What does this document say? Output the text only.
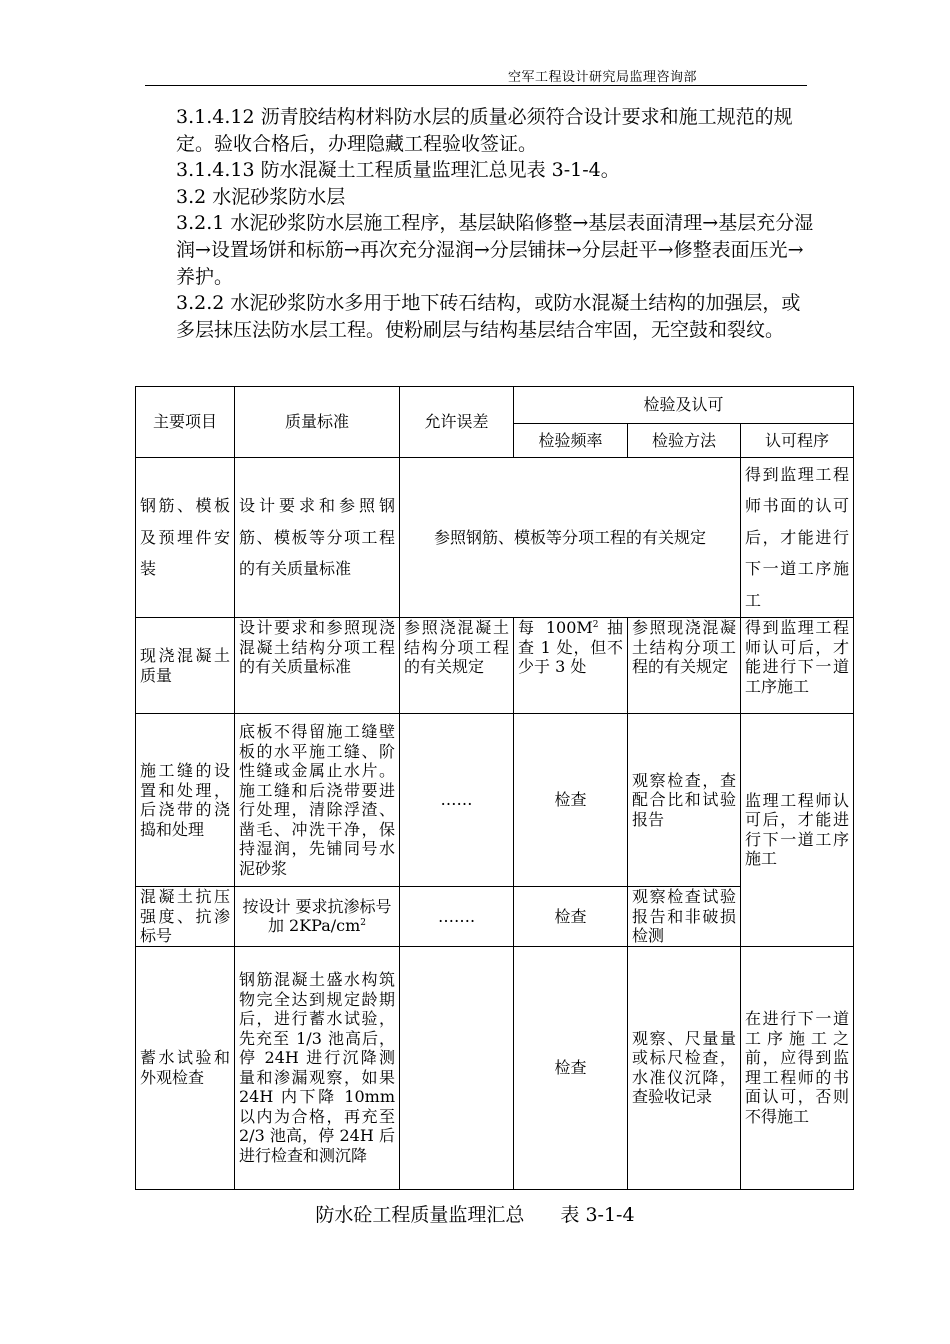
空军工程设计研究局监理咨询部

3.1.4.12 沥青胶结构材料防水层的质量必须符合设计要求和施工规范的规定。验收合格后，办理隐藏工程验收签证。

3.1.4.13 防水混凝土工程质量监理汇总见表 3-1-4。

3.2 水泥砂浆防水层

3.2.1 水泥砂浆防水层施工程序，基层缺陷修整→基层表面清理→基层充分湿润→设置场饼和标筋→再次充分湿润→分层铺抹→分层赶平→修整表面压光→养护。

3.2.2 水泥砂浆防水多用于地下砖石结构，或防水混凝土结构的加强层，或多层抹压法防水层工程。使粉刷层与结构基层结合牢固，无空鼓和裂纹。

主要项目	质量标准	允许误差	检验及认可		
			检验频率	检验方法	认可程序
钢筋、模板及预埋件安装	设计要求和参照钢筋、模板等分项工程的有关质量标准	参照钢筋、模板等分项工程的有关规定			得到监理工程师书面的认可后，才能进行下一道工序施工
现浇混凝土质量	设计要求和参照现浇混凝土结构分项工程的有关质量标准	参照浇混凝土结构分项工程的有关规定	每 $100M^2$ 抽查 1 处，但不少于 3 处	参照现浇混凝土结构分项工程的有关规定	得到监理工程师认可后，才能进行下一道工序施工
施工缝的设置和处理，后浇带的浇捣和处理	底板不得留施工缝壁板的水平施工缝、阶性缝或金属止水片。施工缝和后浇带要进行处理，清除浮渣、凿毛、冲洗干净，保持湿润，先铺同号水泥砂浆	……	检查	观察检查，查配合比和试验报告	监理工程师认可后，才能进行下一道工序施工
混凝土抗压强度、抗渗标号	按设计 要求抗渗标号加 $2KPa/cm^2$	…….	检查	观察检查试验报告和非破损检测	
蓄水试验和外观检查	钢筋混凝土盛水构筑物完全达到规定龄期后，进行蓄水试验，先充至 1/3 池高后，停 24H 进行沉降测量和渗漏观察，如果 24H 内下降 10mm 以内为合格，再充至 2/3 池高，停 24H 后进行检查和测沉降		检查	观察、尺量量或标尺检查，水准仪沉降，查验收记录	在进行下一道工序施工之前，应得到监理工程师的书面认可，否则不得施工
防水砼工程质量监理汇总 表 3-1-4
